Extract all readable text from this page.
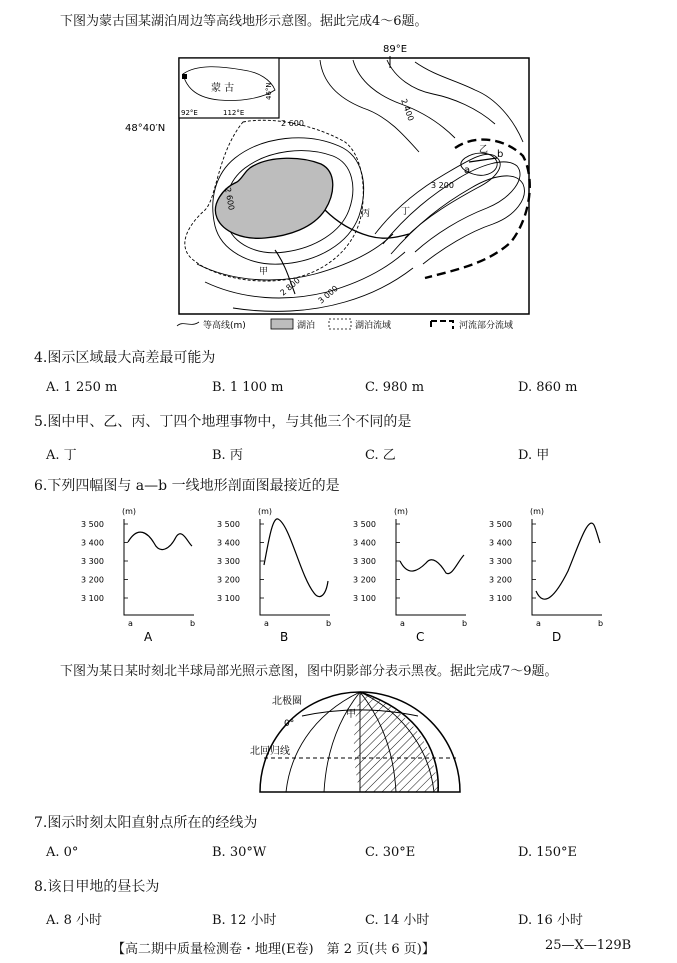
下图为蒙古国某湖泊周边等高线地形示意图。据此完成4～6题。
89°E
48°40′N
蒙 古
92°E	112°E
46°N
a
b
2 400
2 600
2 600
3 200
2 800 3 000
甲
乙
丙	丁
等高线(m)	湖泊	湖泊流域	河流部分流域
4.图示区域最大高差最可能为
A. 1 250 m	B. 1 100 m	C. 980 m	D. 860 m
5.图中甲、乙、丙、丁四个地理事物中，与其他三个不同的是
A. 丁	B. 丙	C. 乙	D. 甲
6.下列四幅图与 a—b 一线地形剖面图最接近的是
(m)
3 500
3 400
3 300
3 200
3 100
a	b
A
(m)
3 500
3 400
3 300
3 200
3 100
a	b
B
(m)
3 500
3 400
3 300
3 200
3 100
a	b
C
(m)
3 500
3 400
3 300
3 200
3 100
a	b
D
下图为某日某时刻北半球局部光照示意图，图中阴影部分表示黑夜。据此完成7～9题。
北极圈
北回归线
甲
0°
7.图示时刻太阳直射点所在的经线为
A. 0°	B. 30°W	C. 30°E	D. 150°E
8.该日甲地的昼长为
A. 8 小时	B. 12 小时	C. 14 小时	D. 16 小时
【高二期中质量检测卷・地理(E卷)　第 2 页(共 6 页)】	25—X—129B
